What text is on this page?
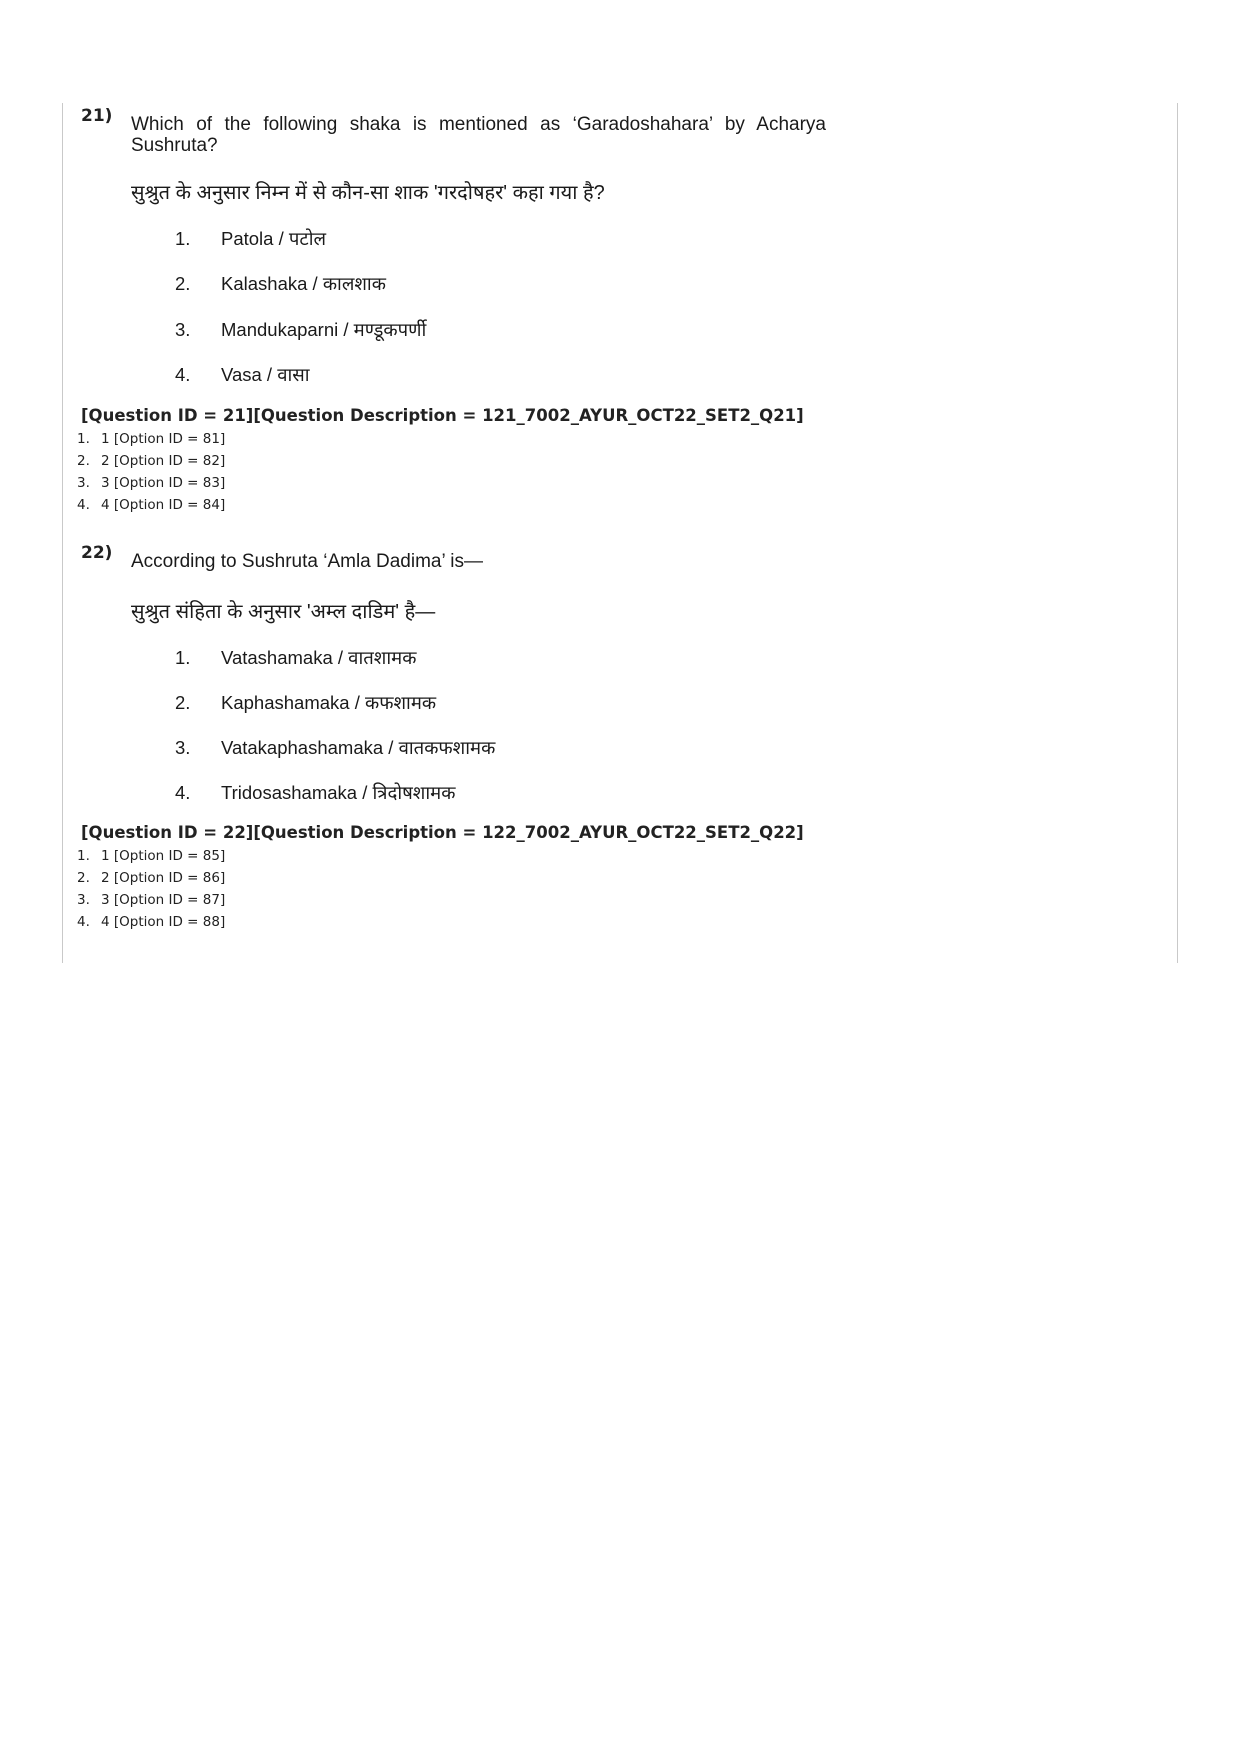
21) Which of the following shaka is mentioned as ‘Garadoshahara’ by Acharya Sushruta?
सुश्रुत के अनुसार निम्न में से कौन-सा शाक 'गरदोषहर' कहा गया है?
1. Patola / पटोल
2. Kalashaka / कालशाक
3. Mandukaparni / मण्डूकपर्णी
4. Vasa / वासा
[Question ID = 21][Question Description = 121_7002_AYUR_OCT22_SET2_Q21]
1. 1 [Option ID = 81]
2. 2 [Option ID = 82]
3. 3 [Option ID = 83]
4. 4 [Option ID = 84]
22) According to Sushruta ‘Amla Dadima’ is—
सुश्रुत संहिता के अनुसार 'अम्ल दाडिम' है—
1. Vatashamaka / वातशामक
2. Kaphashamaka / कफशामक
3. Vatakaphashamaka / वातकफशामक
4. Tridosashamaka / त्रिदोषशामक
[Question ID = 22][Question Description = 122_7002_AYUR_OCT22_SET2_Q22]
1. 1 [Option ID = 85]
2. 2 [Option ID = 86]
3. 3 [Option ID = 87]
4. 4 [Option ID = 88]
